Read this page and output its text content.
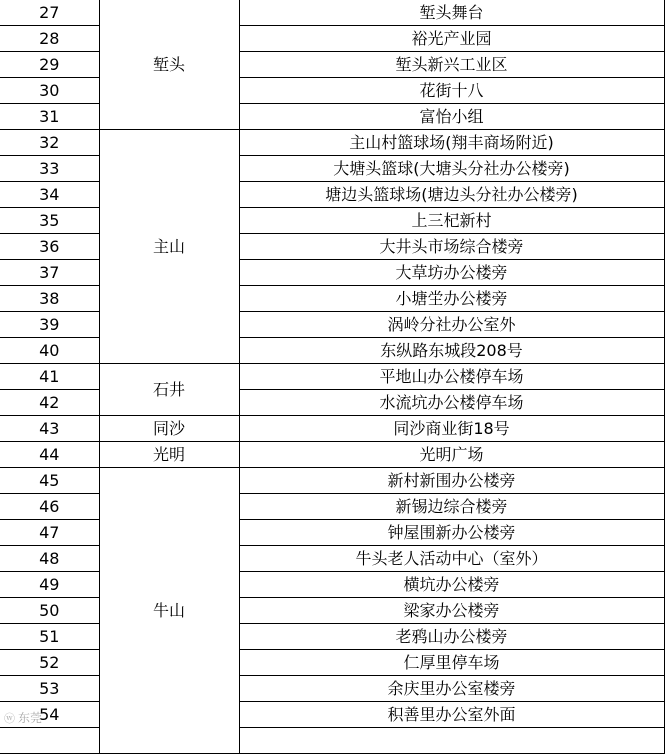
27	堑头	堑头舞台	
28		裕光产业园	
29		堑头新兴工业区	
30		花街十八	
31		富怡小组	
32	主山	主山村篮球场(翔丰商场附近)	
33		大塘头篮球(大塘头分社办公楼旁)	
34		塘边头篮球场(塘边头分社办公楼旁)	
35		上三杞新村	
36		大井头市场综合楼旁	
37		大草坊办公楼旁	
38		小塘坣办公楼旁	
39		涡岭分社办公室外	
40		东纵路东城段208号	
41	石井	平地山办公楼停车场	
42		水流坑办公楼停车场	
43	同沙	同沙商业街18号	
44	光明	光明广场	
45	牛山	新村新围办公楼旁	
46		新锡边综合楼旁	
47		钟屋围新办公楼旁	
48		牛头老人活动中心（室外）	
49		横坑办公楼旁	
50		梁家办公楼旁	
51		老鸦山办公楼旁	
52		仁厚里停车场	
53		余庆里办公室楼旁	
54		积善里办公室外面	

ⓦ 东莞
